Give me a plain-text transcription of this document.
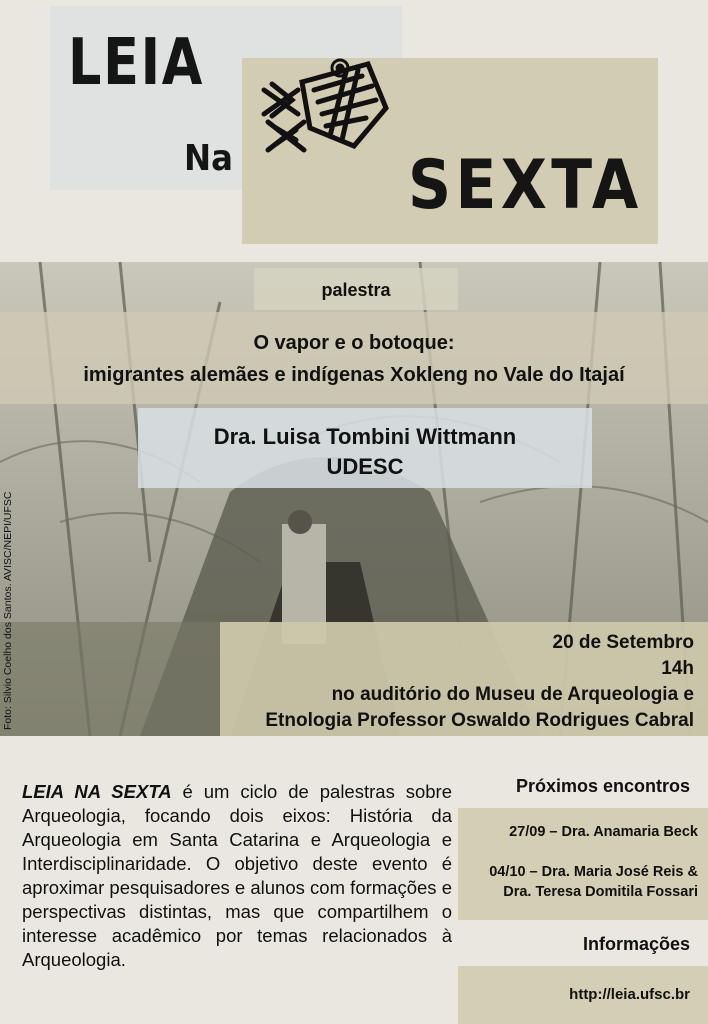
LEIA
Na	SEXTA
palestra
O vapor e o botoque:
imigrantes alemães e indígenas Xokleng no Vale do Itajaí
Dra. Luisa Tombini Wittmann
UDESC
20 de Setembro
14h
no auditório do Museu de Arqueologia e
Etnologia Professor Oswaldo Rodrigues Cabral
Foto: Silvio Coelho dos Santos. AVISC/NEPI/UFSC
LEIA NA SEXTA é um ciclo de palestras sobre Arqueologia, focando dois eixos: História da Arqueologia em Santa Catarina e Arqueologia e Interdisciplinaridade. O objetivo deste evento é aproximar pesquisadores e alunos com formações e perspectivas distintas, mas que compartilhem o interesse acadêmico por temas relacionados à Arqueologia.
Próximos encontros
27/09 – Dra. Anamaria Beck
04/10 – Dra. Maria José Reis &
Dra. Teresa Domitila Fossari
Informações
http://leia.ufsc.br
